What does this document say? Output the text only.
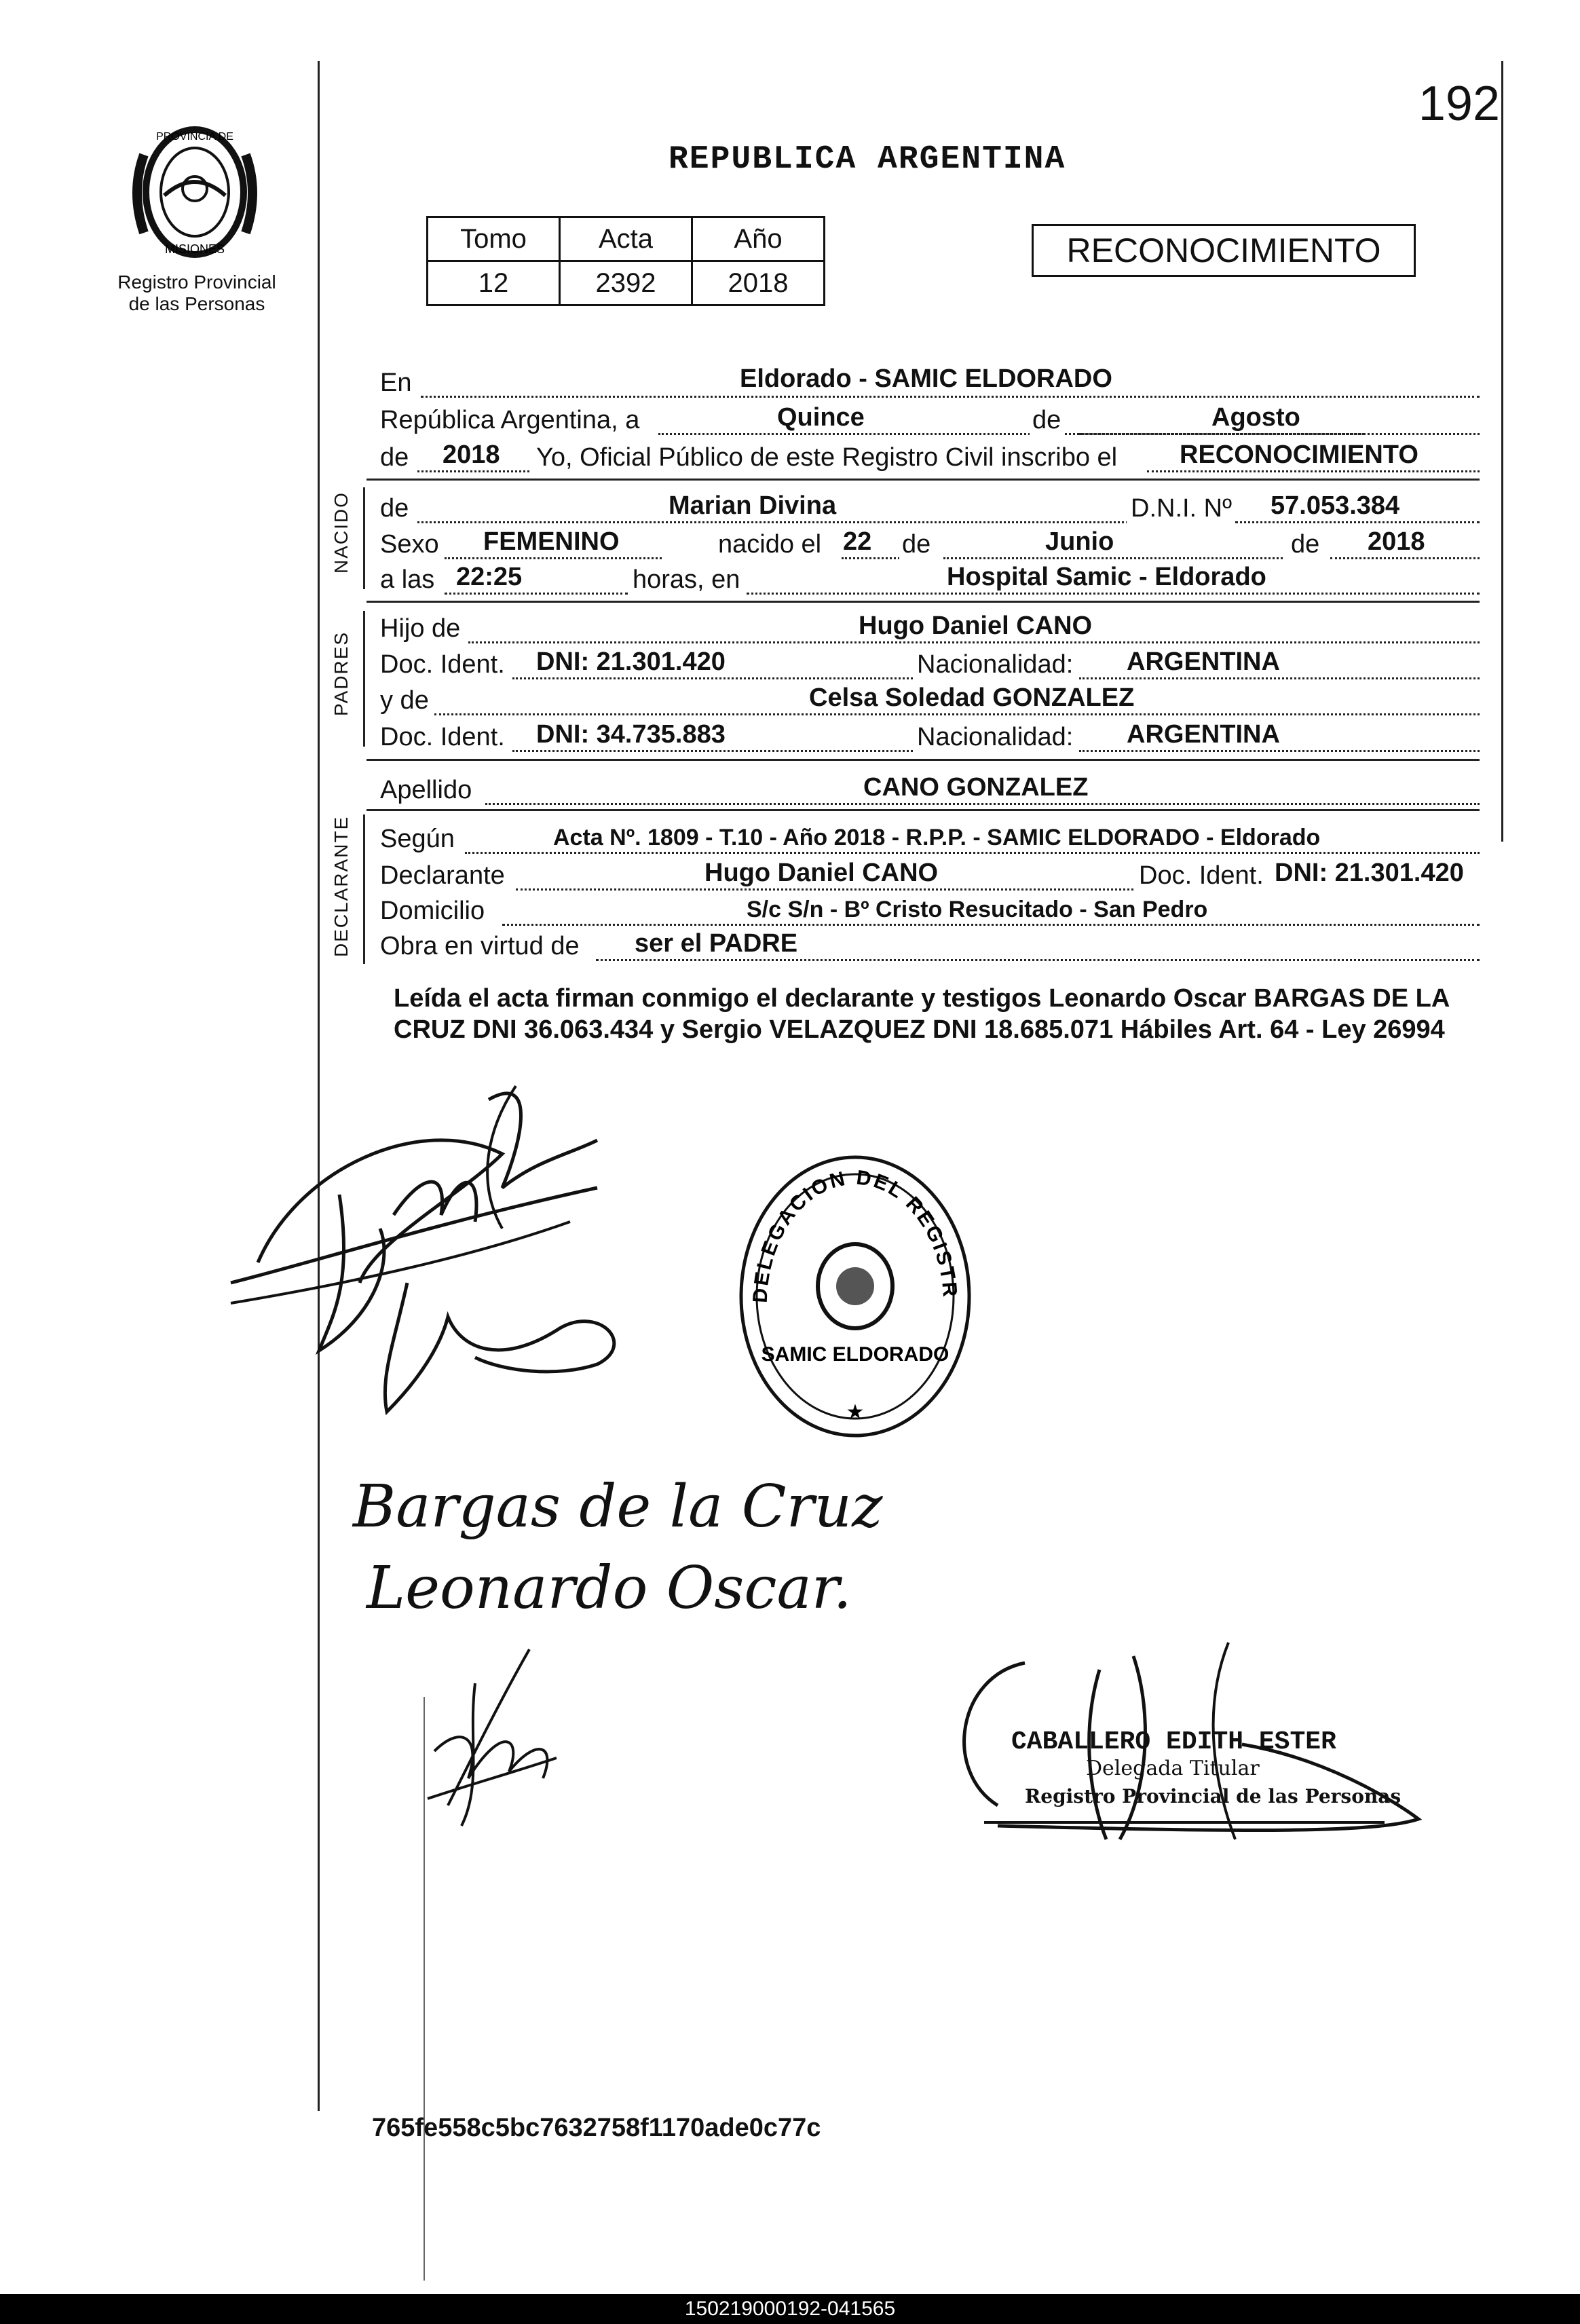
192
PROVINCIA DE
MISIONES
Registro Provincial
de las Personas
REPUBLICA ARGENTINA
Tomo	Acta	Año
12	2392	2018
RECONOCIMIENTO
NACIDO
PADRES
DECLARANTE
En	Eldorado - SAMIC ELDORADO
República Argentina, a	Quince	de	Agosto
de 2018 Yo, Oficial Público de este Registro Civil inscribo el RECONOCIMIENTO
de	Marian Divina	D.N.I. Nº 57.053.384
Sexo FEMENINO	nacido el 22 de	Junio	de 2018
a las 22:25	horas, en	Hospital Samic - Eldorado
Hijo de	Hugo Daniel CANO
Doc. Ident. DNI: 21.301.420	Nacionalidad: ARGENTINA
y de	Celsa Soledad GONZALEZ
Doc. Ident. DNI: 34.735.883	Nacionalidad: ARGENTINA
Apellido	CANO GONZALEZ
Según	Acta Nº. 1809 - T.10 - Año 2018 - R.P.P. - SAMIC ELDORADO - Eldorado
Declarante	Hugo Daniel CANO	Doc. Ident. DNI: 21.301.420
Domicilio	S/c S/n - Bº Cristo Resucitado - San Pedro
Obra en virtud de ser el PADRE
Leída el acta firman conmigo el declarante y testigos Leonardo Oscar BARGAS DE LA CRUZ DNI 36.063.434 y Sergio VELAZQUEZ DNI 18.685.071 Hábiles Art. 64 - Ley 26994
DELEGACION DEL REGISTR
SAMIC ELDORADO
★
Bargas de la Cruz
Leonardo Oscar.
CABALLERO EDITH ESTER
Delegada Titular
Registro Provincial de las Personas
765fe558c5bc7632758f1170ade0c77c
150219000192-041565
